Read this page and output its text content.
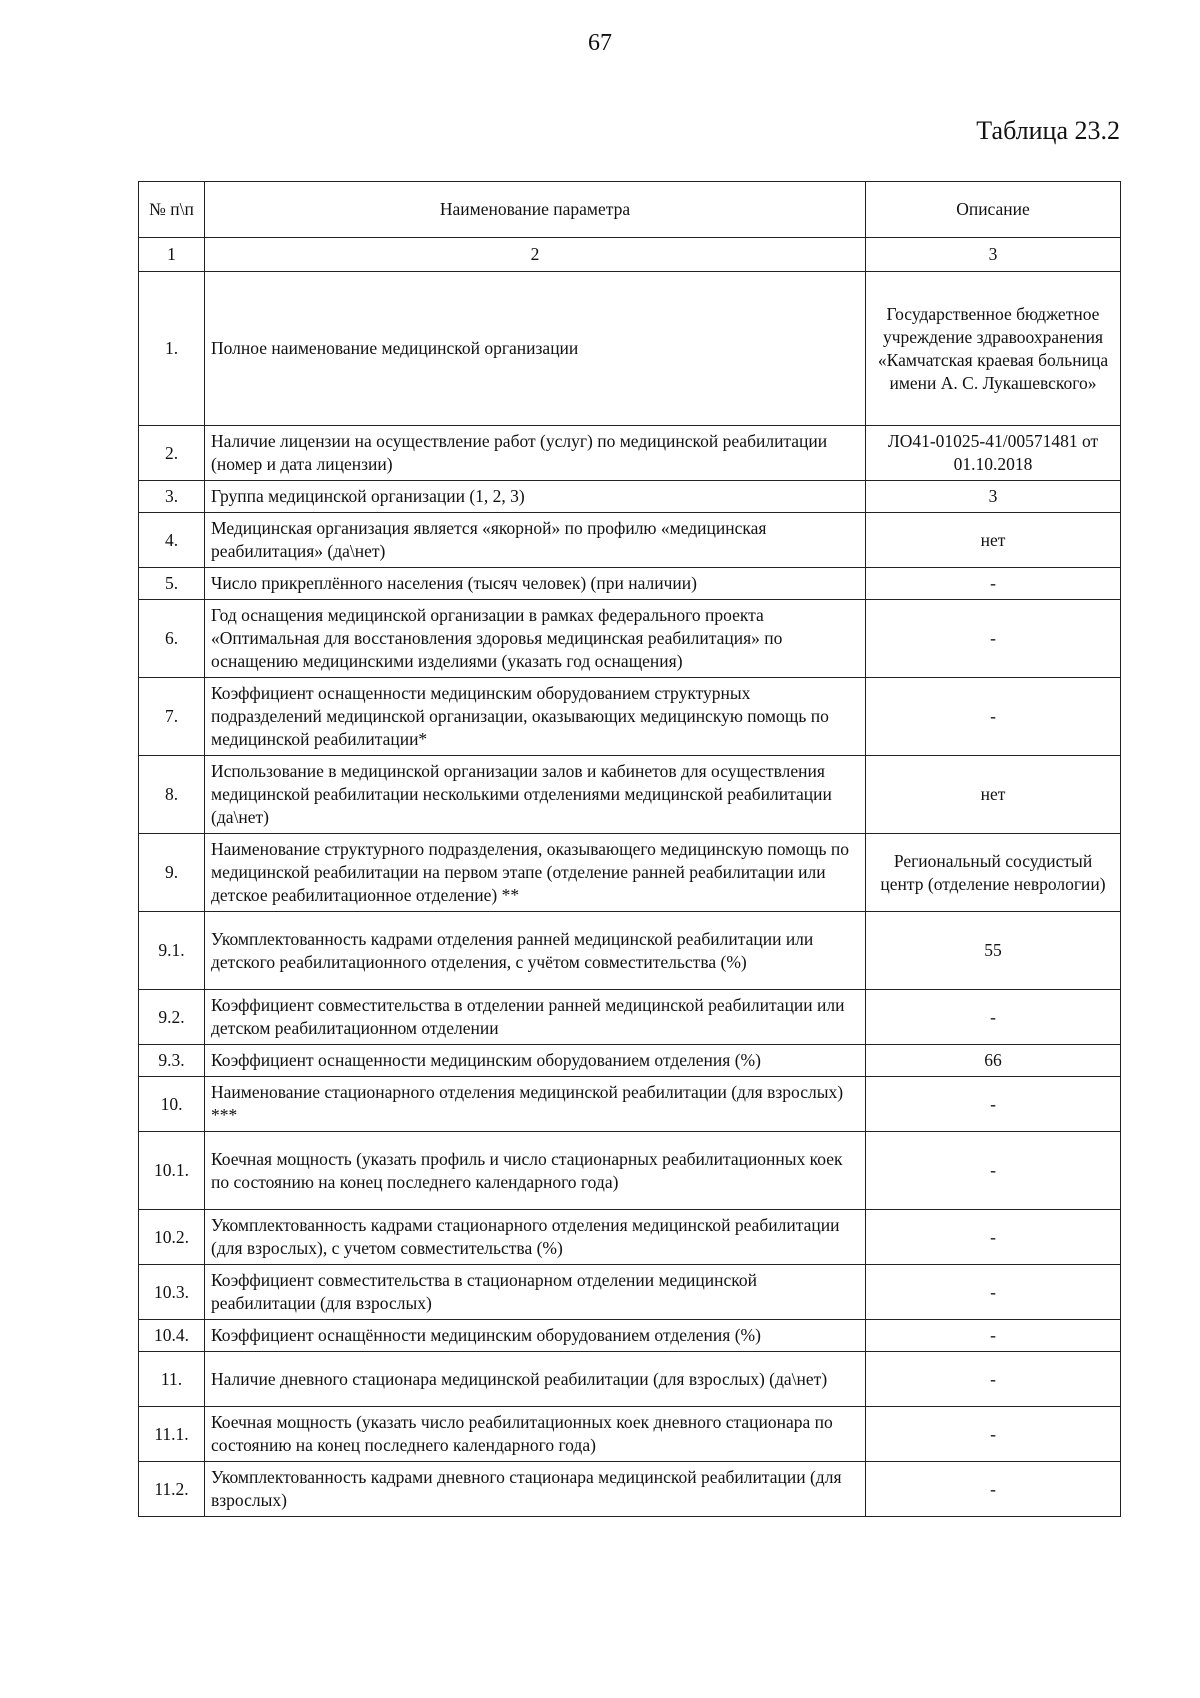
67
Таблица 23.2
№ п\п	Наименование параметра	Описание
1	2	3
1.	Полное наименование медицинской организации	Государственное бюджетное учреждение здравоохранения «Камчатская краевая больница имени А. С. Лукашевского»
2.	Наличие лицензии на осуществление работ (услуг) по медицинской реабилитации (номер и дата лицензии)	ЛО41-01025-41/00571481 от 01.10.2018
3.	Группа медицинской организации (1, 2, 3)	3
4.	Медицинская организация является «якорной» по профилю «медицинская реабилитация» (да\нет)	нет
5.	Число прикреплённого населения (тысяч человек) (при наличии)	-
6.	Год оснащения медицинской организации в рамках федерального проекта «Оптимальная для восстановления здоровья медицинская реабилитация» по оснащению медицинскими изделиями (указать год оснащения)	-
7.	Коэффициент оснащенности медицинским оборудованием структурных подразделений медицинской организации, оказывающих медицинскую помощь по медицинской реабилитации*	-
8.	Использование в медицинской организации залов и кабинетов для осуществления медицинской реабилитации несколькими отделениями медицинской реабилитации (да\нет)	нет
9.	Наименование структурного подразделения, оказывающего медицинскую помощь по медицинской реабилитации на первом этапе (отделение ранней реабилитации или детское реабилитационное отделение) **	Региональный сосудистый центр (отделение неврологии)
9.1.	Укомплектованность кадрами отделения ранней медицинской реабилитации или детского реабилитационного отделения, с учётом совместительства (%)	55
9.2.	Коэффициент совместительства в отделении ранней медицинской реабилитации или детском реабилитационном отделении	-
9.3.	Коэффициент оснащенности медицинским оборудованием отделения (%)	66
10.	Наименование стационарного отделения медицинской реабилитации (для взрослых) ***	-
10.1.	Коечная мощность (указать профиль и число стационарных реабилитационных коек по состоянию на конец последнего календарного года)	-
10.2.	Укомплектованность кадрами стационарного отделения медицинской реабилитации (для взрослых), с учетом совместительства (%)	-
10.3.	Коэффициент совместительства в стационарном отделении медицинской реабилитации (для взрослых)	-
10.4.	Коэффициент оснащённости медицинским оборудованием отделения (%)	-
11.	Наличие дневного стационара медицинской реабилитации (для взрослых) (да\нет)	-
11.1.	Коечная мощность (указать число реабилитационных коек дневного стационара по состоянию на конец последнего календарного года)	-
11.2.	Укомплектованность кадрами дневного стационара медицинской реабилитации (для взрослых)	-
